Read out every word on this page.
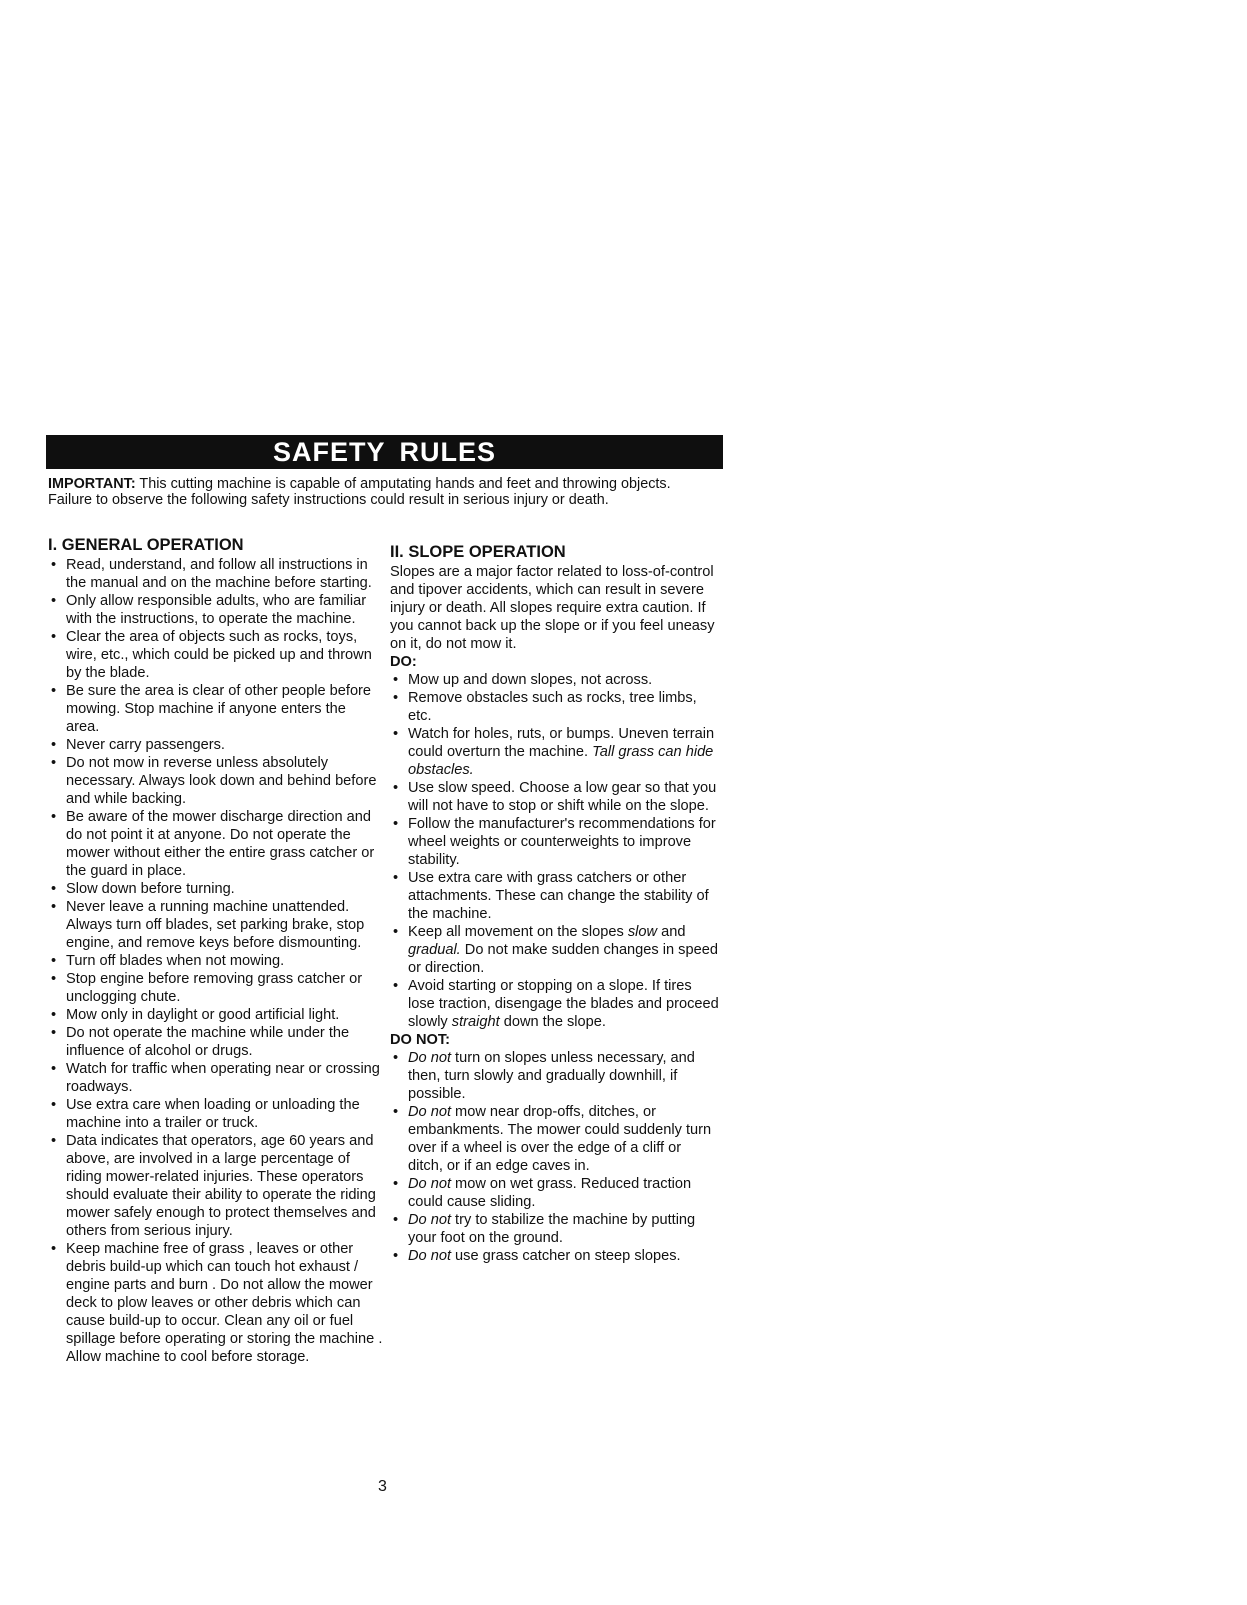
SAFETY RULES

IMPORTANT: This cutting machine is capable of amputating hands and feet and throwing objects. Failure to observe the following safety instructions could result in serious injury or death.

I. GENERAL OPERATION
• Read, understand, and follow all instructions in the manual and on the machine before starting.
• Only allow responsible adults, who are familiar with the instructions, to operate the machine.
• Clear the area of objects such as rocks, toys, wire, etc., which could be picked up and thrown by the blade.
• Be sure the area is clear of other people before mowing. Stop machine if anyone enters the area.
• Never carry passengers.
• Do not mow in reverse unless absolutely necessary. Always look down and behind before and while backing.
• Be aware of the mower discharge direction and do not point it at anyone. Do not operate the mower without either the entire grass catcher or the guard in place.
• Slow down before turning.
• Never leave a running machine unattended. Always turn off blades, set parking brake, stop engine, and remove keys before dismounting.
• Turn off blades when not mowing.
• Stop engine before removing grass catcher or unclogging chute.
• Mow only in daylight or good artificial light.
• Do not operate the machine while under the influence of alcohol or drugs.
• Watch for traffic when operating near or crossing roadways.
• Use extra care when loading or unloading the machine into a trailer or truck.
• Data indicates that operators, age 60 years and above, are involved in a large percentage of riding mower-related injuries. These operators should evaluate their ability to operate the riding mower safely enough to protect themselves and others from serious injury.
• Keep machine free of grass , leaves or other debris build-up which can touch hot exhaust / engine parts and burn . Do not allow the mower deck to plow leaves or other debris which can cause build-up to occur. Clean any oil or fuel spillage before operating or storing the machine . Allow machine to cool before storage.
II. SLOPE OPERATION

Slopes are a major factor related to loss-of-control and tipover accidents, which can result in severe injury or death. All slopes require extra caution. If you cannot back up the slope or if you feel uneasy on it, do not mow it.

DO:
• Mow up and down slopes, not across.
• Remove obstacles such as rocks, tree limbs, etc.
• Watch for holes, ruts, or bumps. Uneven terrain could overturn the machine. Tall grass can hide obstacles.
• Use slow speed. Choose a low gear so that you will not have to stop or shift while on the slope.
• Follow the manufacturer's recommendations for wheel weights or counterweights to improve stability.
• Use extra care with grass catchers or other attachments. These can change the stability of the machine.
• Keep all movement on the slopes slow and gradual. Do not make sudden changes in speed or direction.
• Avoid starting or stopping on a slope. If tires lose traction, disengage the blades and proceed slowly straight down the slope.
DO NOT:
• Do not turn on slopes unless necessary, and then, turn slowly and gradually downhill, if possible.
• Do not mow near drop-offs, ditches, or embankments. The mower could suddenly turn over if a wheel is over the edge of a cliff or ditch, or if an edge caves in.
• Do not mow on wet grass. Reduced traction could cause sliding.
• Do not try to stabilize the machine by putting your foot on the ground.
• Do not use grass catcher on steep slopes.
3
